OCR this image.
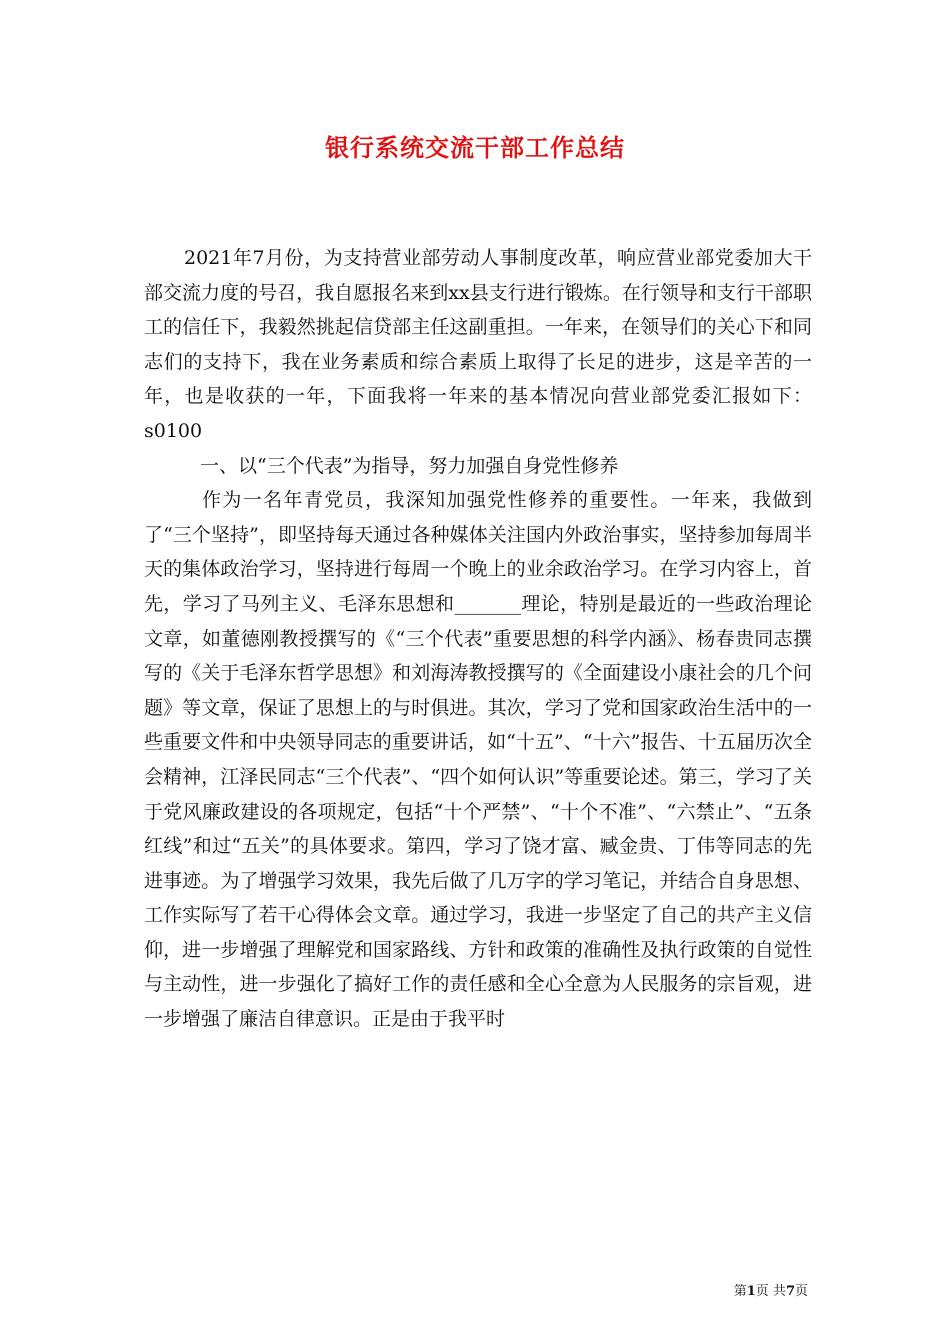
银行系统交流干部工作总结

2021年7月份，为支持营业部劳动人事制度改革，响应营业部党委加大干部交流力度的号召，我自愿报名来到xx县支行进行锻炼。在行领导和支行干部职工的信任下，我毅然挑起信贷部主任这副重担。一年来，在领导们的关心下和同志们的支持下，我在业务素质和综合素质上取得了长足的进步，这是辛苦的一年，也是收获的一年，下面我将一年来的基本情况向营业部党委汇报如下：s0100

一、以“三个代表”为指导，努力加强自身党性修养

作为一名年青党员，我深知加强党性修养的重要性。一年来，我做到了“三个坚持”，即坚持每天通过各种媒体关注国内外政治事实，坚持参加每周半天的集体政治学习，坚持进行每周一个晚上的业余政治学习。在学习内容上，首先，学习了马列主义、毛泽东思想和_______理论，特别是最近的一些政治理论文章，如董德刚教授撰写的《“三个代表”重要思想的科学内涵》、杨春贵同志撰写的《关于毛泽东哲学思想》和刘海涛教授撰写的《全面建设小康社会的几个问题》等文章，保证了思想上的与时俱进。其次，学习了党和国家政治生活中的一些重要文件和中央领导同志的重要讲话，如“十五”、“十六”报告、十五届历次全会精神，江泽民同志“三个代表”、“四个如何认识”等重要论述。第三，学习了关于党风廉政建设的各项规定，包括“十个严禁”、“十个不准”、“六禁止”、“五条红线”和过“五关”的具体要求。第四，学习了饶才富、臧金贵、丁伟等同志的先进事迹。为了增强学习效果，我先后做了几万字的学习笔记，并结合自身思想、工作实际写了若干心得体会文章。通过学习，我进一步坚定了自己的共产主义信仰，进一步增强了理解党和国家路线、方针和政策的准确性及执行政策的自觉性与主动性，进一步强化了搞好工作的责任感和全心全意为人民服务的宗旨观，进一步增强了廉洁自律意识。正是由于我平时

第1页 共7页
